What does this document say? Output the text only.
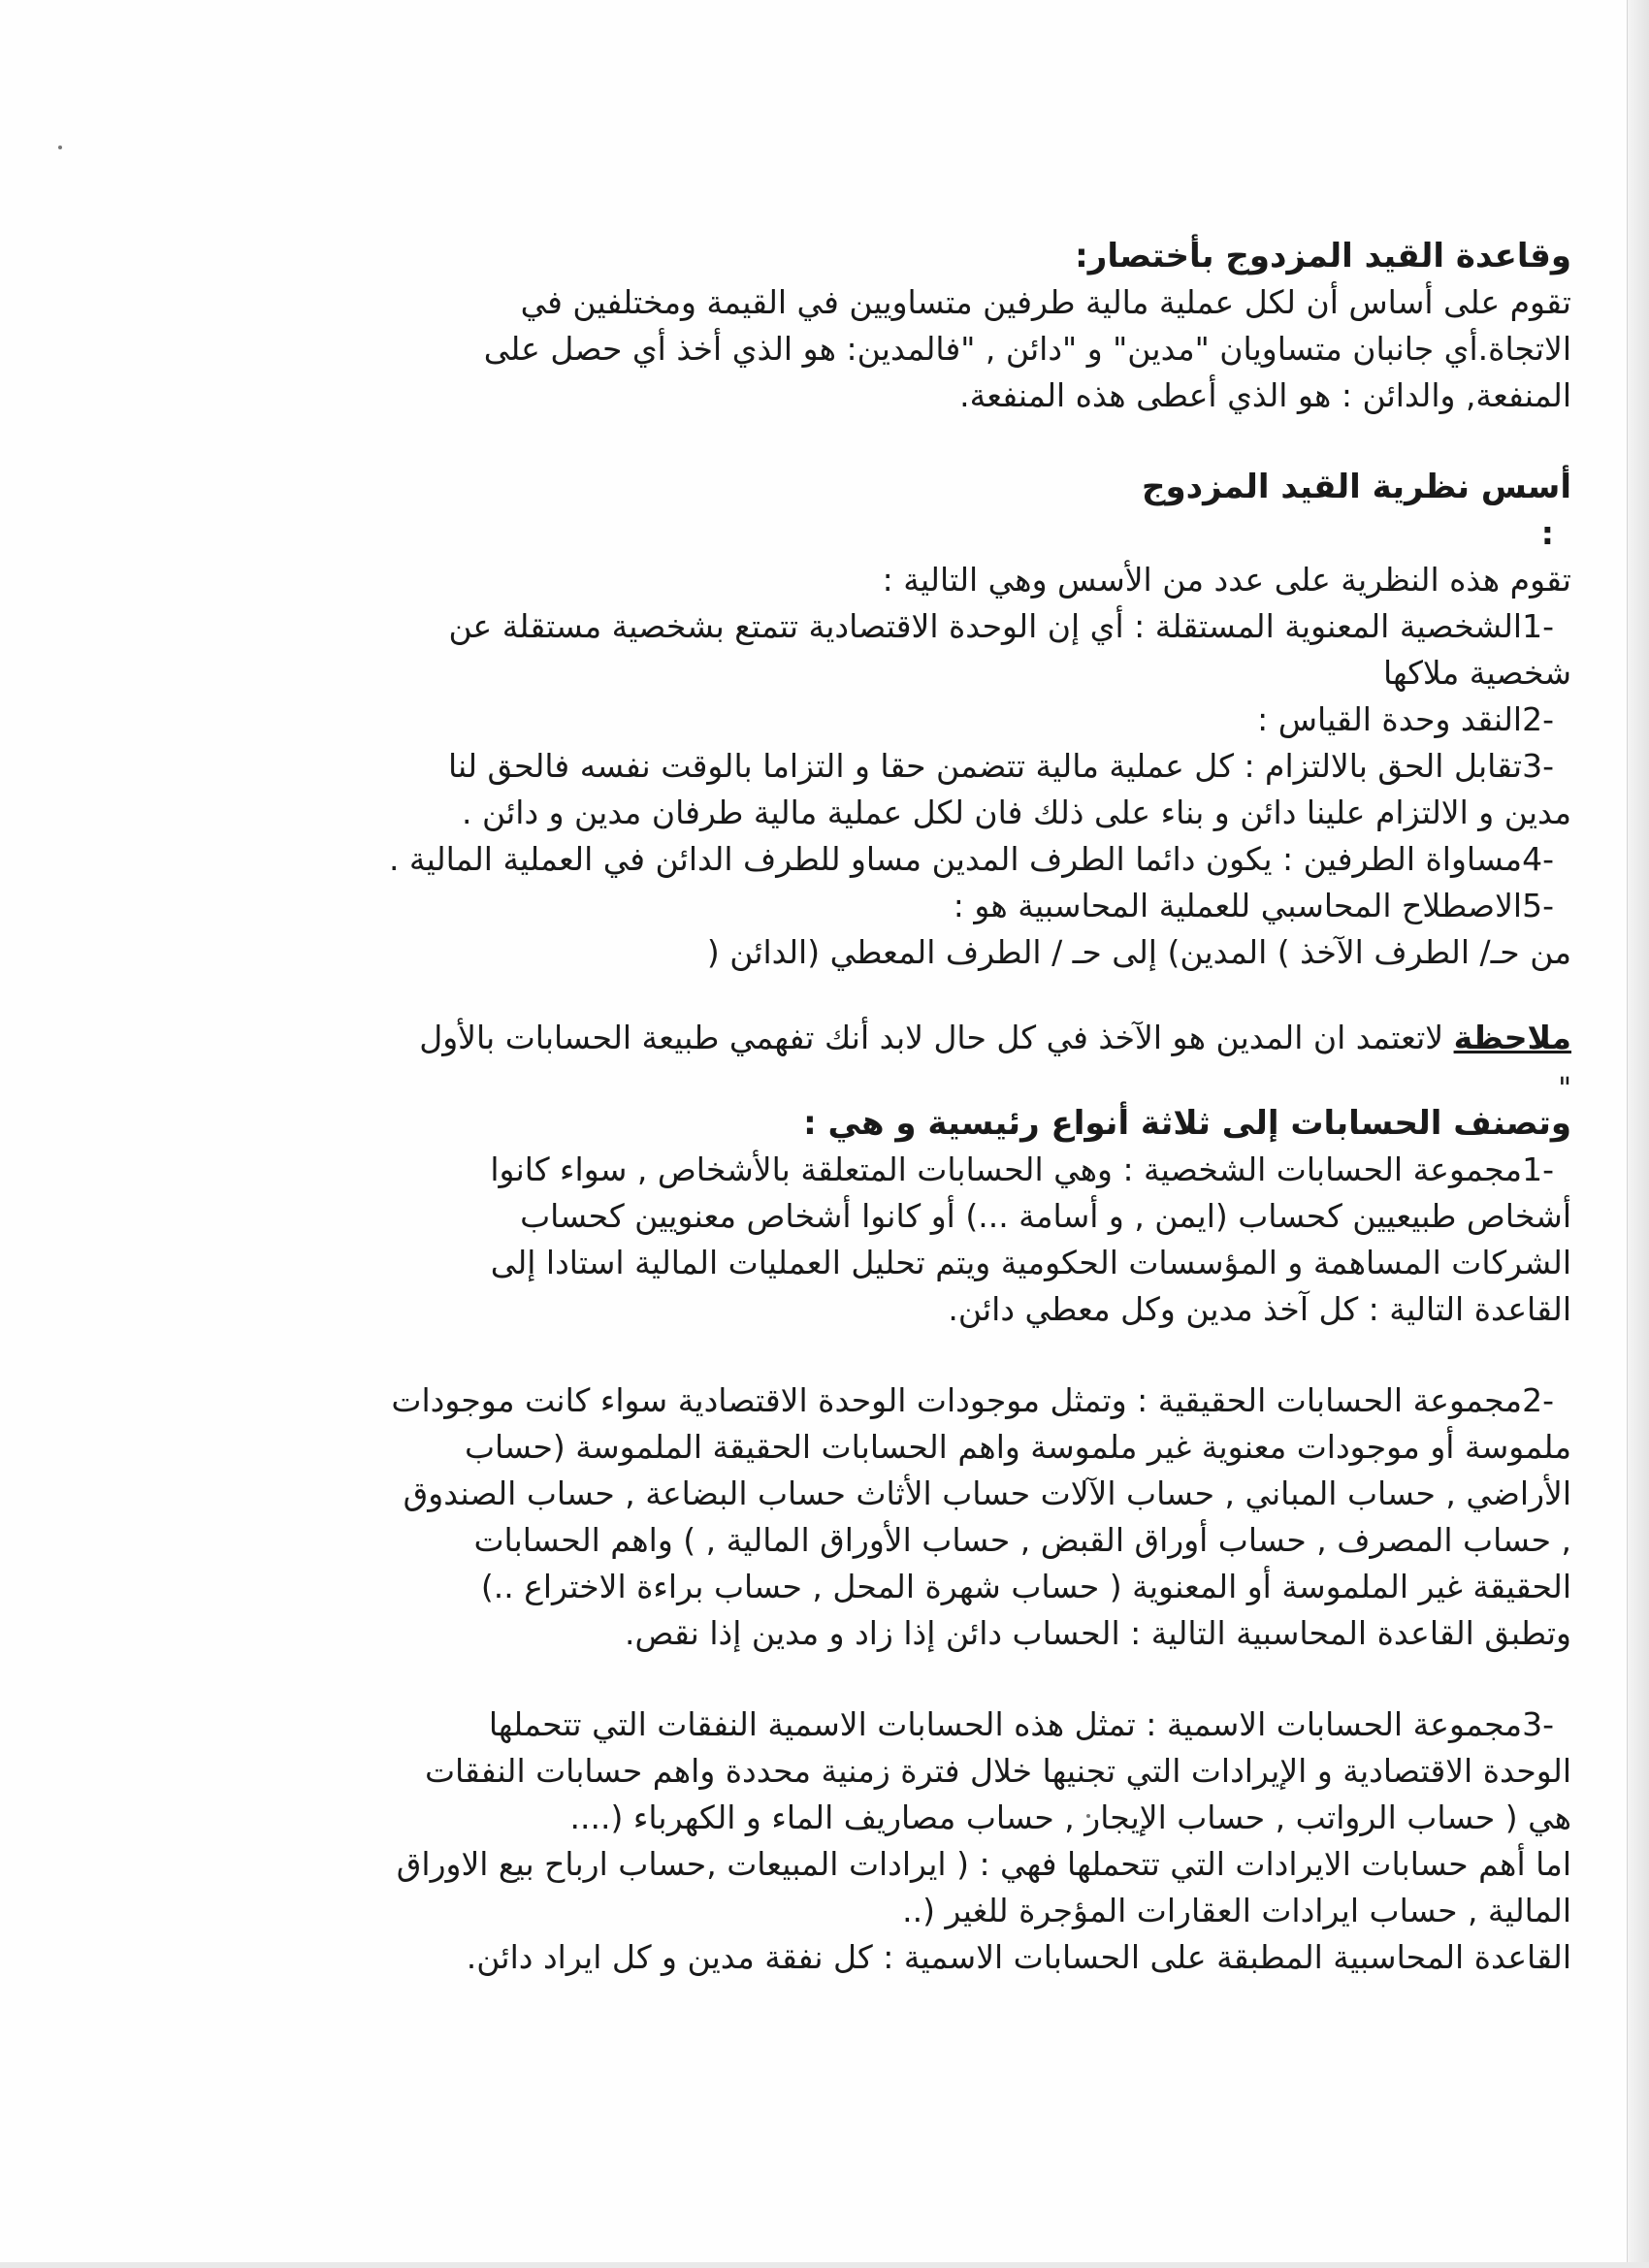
وقاعدة القيد المزدوج بأختصار:

تقوم على أساس أن لكل عملية مالية طرفين متساويين في القيمة ومختلفين في

الاتجاة.أي جانبان متساويان "مدين" و "دائن , "فالمدين: هو الذي أخذ أي حصل على

المنفعة, والدائن : هو الذي أعطى هذه المنفعة.

أسس نظرية القيد المزدوج

:

تقوم هذه النظرية على عدد من الأسس وهي التالية :

-1الشخصية المعنوية المستقلة : أي إن الوحدة الاقتصادية تتمتع بشخصية مستقلة عن

شخصية ملاكها

-2النقد وحدة القياس :

-3تقابل الحق بالالتزام : كل عملية مالية تتضمن حقا و التزاما بالوقت نفسه فالحق لنا

مدين و الالتزام علينا دائن و بناء على ذلك فان لكل عملية مالية طرفان مدين و دائن .

-4مساواة الطرفين : يكون دائما الطرف المدين مساو للطرف الدائن في العملية المالية .

-5الاصطلاح المحاسبي للعملية المحاسبية هو :

من حـ/ الطرف الآخذ ) المدين) إلى حـ / الطرف المعطي (الدائن (

ملاحظة لاتعتمد ان المدين هو الآخذ في كل حال لابد أنك تفهمي طبيعة الحسابات بالأول

"

وتصنف الحسابات إلى ثلاثة أنواع رئيسية و هي :

-1مجموعة الحسابات الشخصية : وهي الحسابات المتعلقة بالأشخاص , سواء كانوا

أشخاص طبيعيين كحساب (ايمن , و أسامة ...) أو كانوا أشخاص معنويين كحساب

الشركات المساهمة و المؤسسات الحكومية ويتم تحليل العمليات المالية استادا إلى

القاعدة التالية : كل آخذ مدين وكل معطي دائن.

-2مجموعة الحسابات الحقيقية : وتمثل موجودات الوحدة الاقتصادية سواء كانت موجودات

ملموسة أو موجودات معنوية غير ملموسة واهم الحسابات الحقيقة الملموسة (حساب

الأراضي , حساب المباني , حساب الآلات حساب الأثاث حساب البضاعة , حساب الصندوق

, حساب المصرف , حساب أوراق القبض , حساب الأوراق المالية , ) واهم الحسابات

الحقيقة غير الملموسة أو المعنوية ( حساب شهرة المحل , حساب براءة الاختراع ..)

وتطبق القاعدة المحاسبية التالية : الحساب دائن إذا زاد و مدين إذا نقص.

-3مجموعة الحسابات الاسمية : تمثل هذه الحسابات الاسمية النفقات التي تتحملها

الوحدة الاقتصادية و الإيرادات التي تجنيها خلال فترة زمنية محددة واهم حسابات النفقات

هي ( حساب الرواتب , حساب الإيجار , حساب مصاريف الماء و الكهرباء (....

اما أهم حسابات الايرادات التي تتحملها فهي : ( ايرادات المبيعات ,حساب ارباح بيع الاوراق

المالية , حساب ايرادات العقارات المؤجرة للغير (..

القاعدة المحاسبية المطبقة على الحسابات الاسمية : كل نفقة مدين و كل ايراد دائن.
